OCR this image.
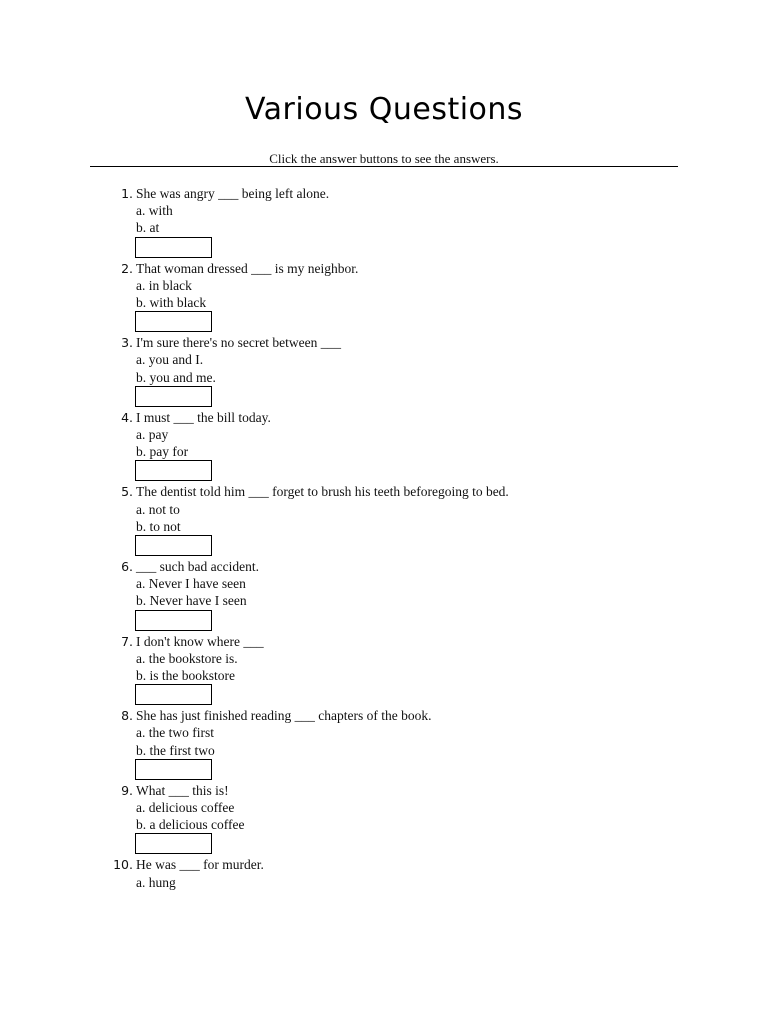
Various Questions
Click the answer buttons to see the answers.
1. She was angry ___ being left alone.
a. with
b. at
2. That woman dressed ___ is my neighbor.
a. in black
b. with black
3. I'm sure there's no secret between ___
a. you and I.
b. you and me.
4. I must ___ the bill today.
a. pay
b. pay for
5. The dentist told him ___ forget to brush his teeth beforegoing to bed.
a. not to
b. to not
6. ___ such bad accident.
a. Never I have seen
b. Never have I seen
7. I don't know where ___
a. the bookstore is.
b. is the bookstore
8. She has just finished reading ___ chapters of the book.
a. the two first
b. the first two
9. What ___ this is!
a. delicious coffee
b. a delicious coffee
10. He was ___ for murder.
a. hung
